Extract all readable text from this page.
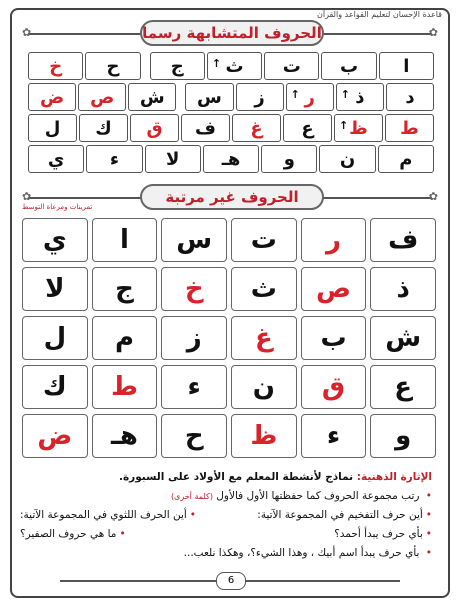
قاعدة الإحسان لتعليم القواعد والقرآن
✿ ✿
الحروف المتشابهة رسما
ا
ب
ت
ث
↑
ج
ح
خ
د
ذ
↑
ر
↑
ز
س
ش
ص
ض
ط
ظ
↑
ع
غ
ف
ق
ك
ل
م
ن
و
هـ
لا
ء
ي
✿ ✿
الحروف غير مرتبة
تمرينات ومرعاة التوسط
ف
ر
ت
س
ا
ي
ذ
ص
ث
خ
ج
لا
ش
ب
غ
ز
م
ل
ع
ق
ن
ء
ط
ك
و
ء
ظ
ح
هـ
ض
الإثارة الذهنية: نماذج لأنشطة المعلم مع الأولاد على السبورة.
• رتب مجموعة الحروف كما حفظتها الأول فالأول (كلمة أخرى)
•أين حرف التفخيم في المجموعة الآتية:
•أين الحرف اللثوي في المجموعة الآتية:
•بأي حرف يبدأ أحمد؟
•ما هي حروف الصفير؟
• بأي حرف يبدأ اسم أبيك ، وهذا الشيء؟، وهكذا نلعب...
6
